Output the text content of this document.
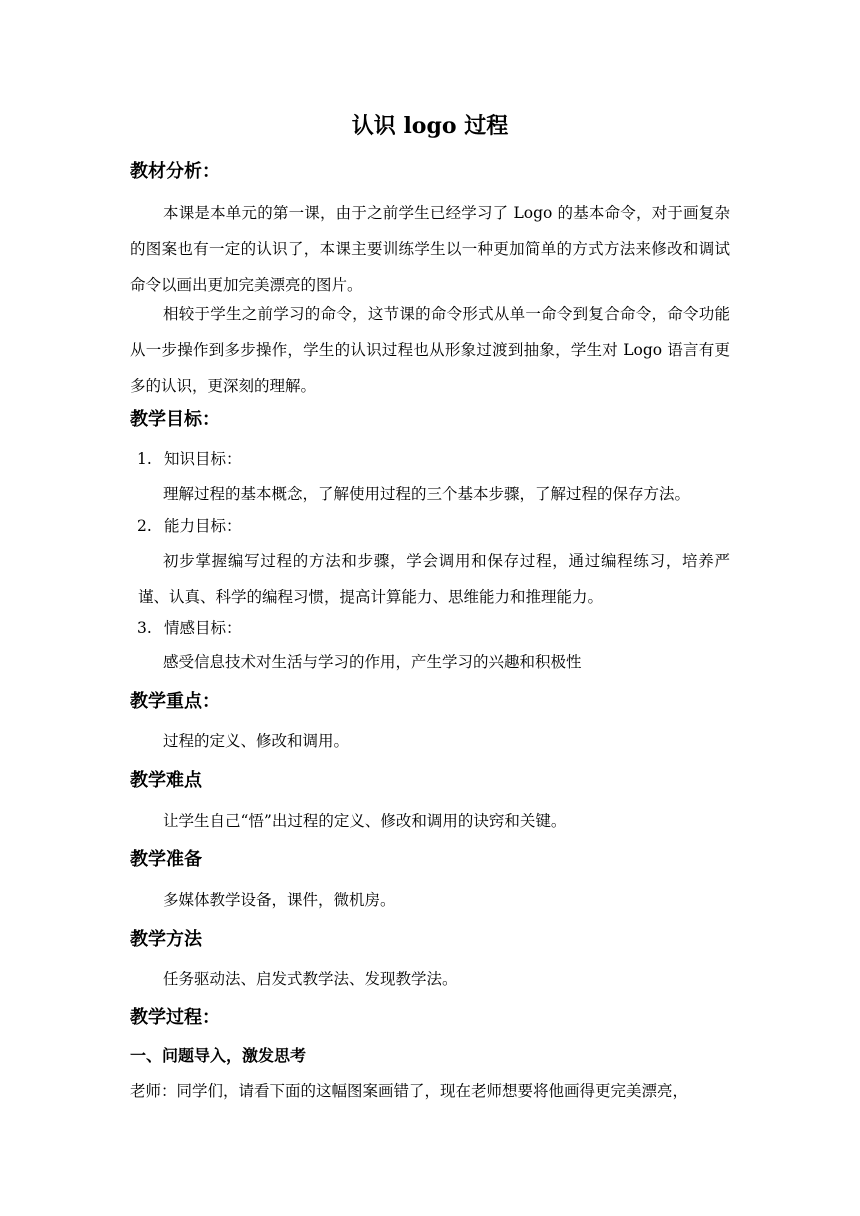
认识 logo 过程
教材分析：

本课是本单元的第一课，由于之前学生已经学习了 Logo 的基本命令，对于画复杂的图案也有一定的认识了，本课主要训练学生以一种更加简单的方式方法来修改和调试命令以画出更加完美漂亮的图片。

相较于学生之前学习的命令，这节课的命令形式从单一命令到复合命令，命令功能从一步操作到多步操作，学生的认识过程也从形象过渡到抽象，学生对 Logo 语言有更多的认识，更深刻的理解。

教学目标：
1. 知识目标：

理解过程的基本概念，了解使用过程的三个基本步骤，了解过程的保存方法。

2. 能力目标：

初步掌握编写过程的方法和步骤，学会调用和保存过程，通过编程练习，培养严谨、认真、科学的编程习惯，提高计算能力、思维能力和推理能力。

3. 情感目标：

感受信息技术对生活与学习的作用，产生学习的兴趣和积极性

教学重点：

过程的定义、修改和调用。

教学难点

让学生自己“悟”出过程的定义、修改和调用的诀窍和关键。

教学准备

多媒体教学设备，课件，微机房。

教学方法

任务驱动法、启发式教学法、发现教学法。

教学过程：
一、问题导入，激发思考

老师：同学们，请看下面的这幅图案画错了，现在老师想要将他画得更完美漂亮，
